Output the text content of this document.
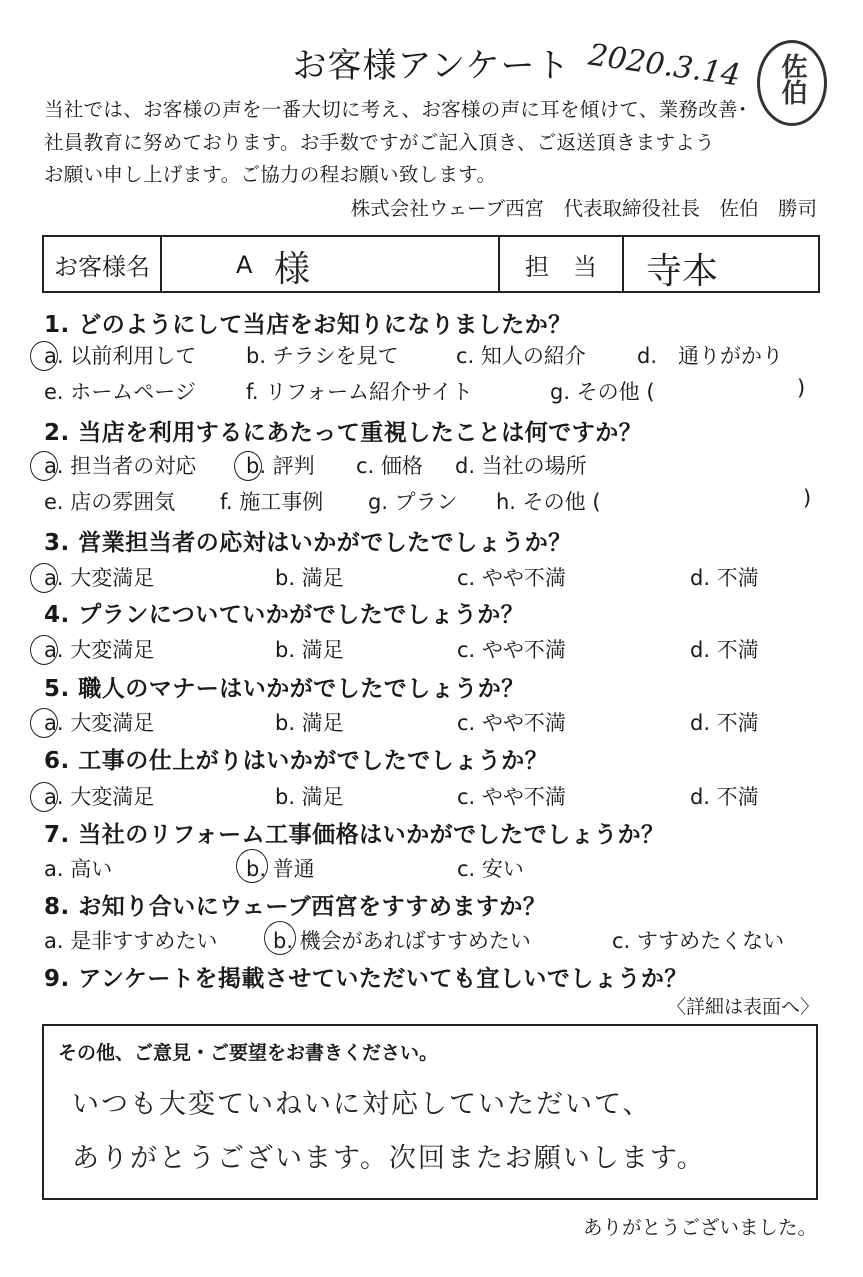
お客様アンケート 2020.3.14 佐伯
当社では、お客様の声を一番大切に考え、お客様の声に耳を傾けて、業務改善･
社員教育に努めております。お手数ですがご記入頂き、ご返送頂きますよう
お願い申し上げます。ご協力の程お願い致します。
株式会社ウェーブ西宮　代表取締役社長　佐伯　勝司
お客様名	A 様	担　当	寺本
1. どのようにして当店をお知りになりましたか？
a. 以前利用して b. チラシを見て	c. 知人の紹介 d.　通りがかり
e. ホームページ f. リフォーム紹介サイト	g. その他 (	)
2. 当店を利用するにあたって重視したことは何ですか？
a. 担当者の対応 b. 評判 c. 価格 d. 当社の場所
e. 店の雰囲気 f. 施工事例 g. プラン h. その他 (	)
3. 営業担当者の応対はいかがでしたでしょうか？
a. 大変満足	b. 満足	c. やや不満	d. 不満
4. プランについていかがでしたでしょうか？
a. 大変満足	b. 満足	c. やや不満	d. 不満
5. 職人のマナーはいかがでしたでしょうか？
a. 大変満足	b. 満足	c. やや不満	d. 不満
6. 工事の仕上がりはいかがでしたでしょうか？
a. 大変満足	b. 満足	c. やや不満	d. 不満
7. 当社のリフォーム工事価格はいかがでしたでしょうか？
a. 高い	b. 普通	c. 安い
8. お知り合いにウェーブ西宮をすすめますか？
a. 是非すすめたい	b. 機会があればすすめたい	c. すすめたくない
9. アンケートを掲載させていただいても宜しいでしょうか？
〈詳細は表面へ〉
その他、ご意見・ご要望をお書きください。
いつも大変ていねいに対応していただいて、
ありがとうございます。次回またお願いします。
ありがとうございました。
